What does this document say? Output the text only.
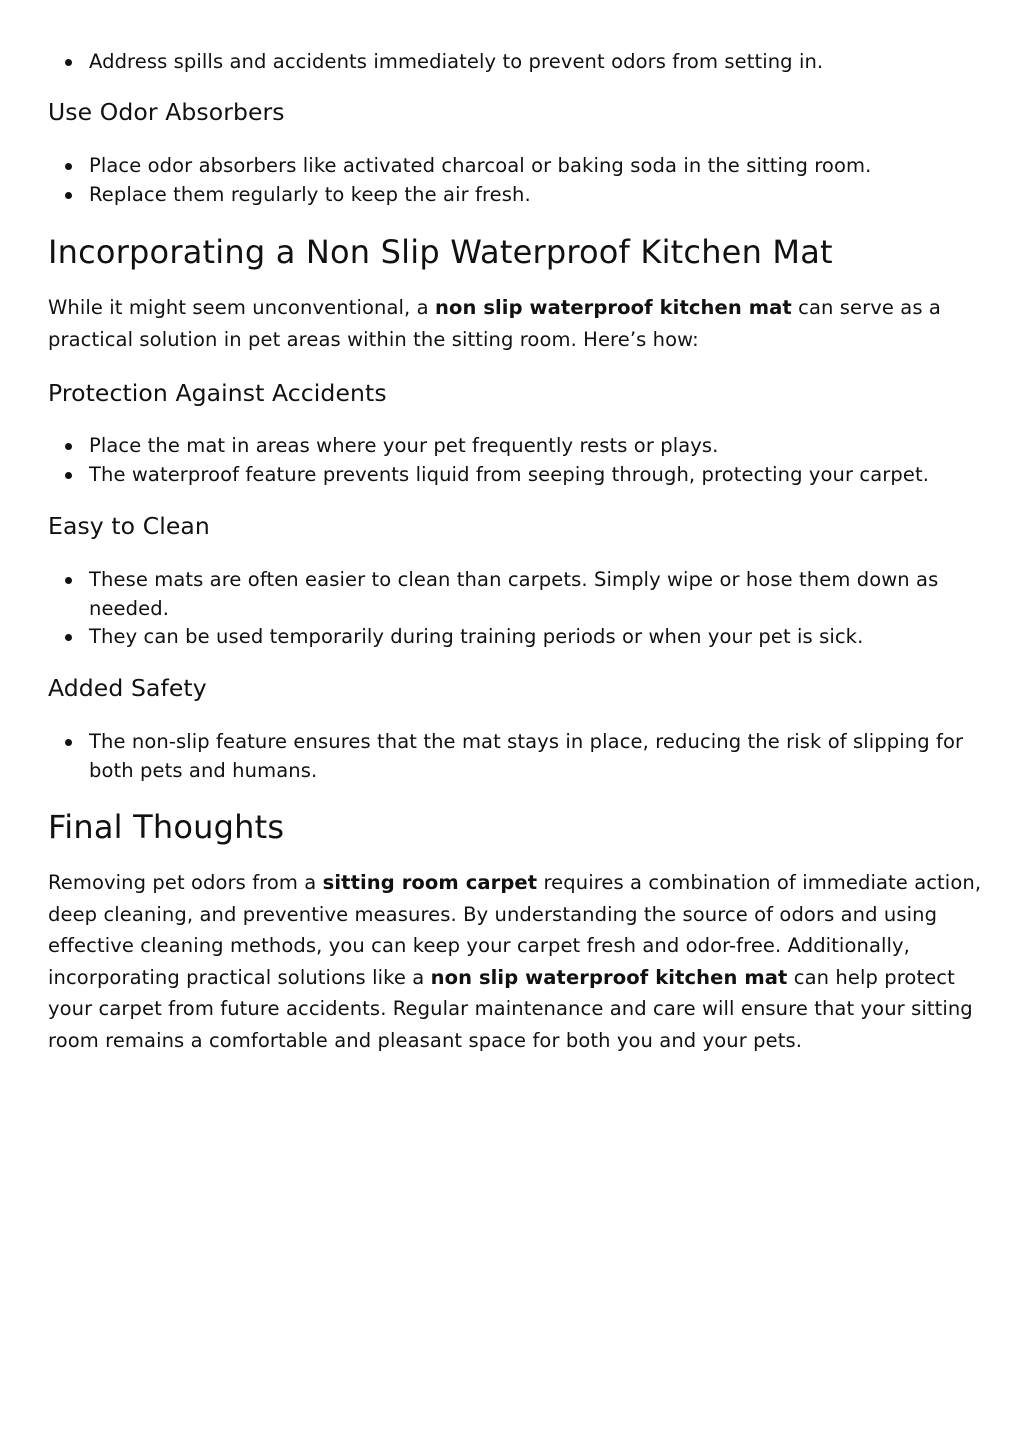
Address spills and accidents immediately to prevent odors from setting in.
Use Odor Absorbers
Place odor absorbers like activated charcoal or baking soda in the sitting room.
Replace them regularly to keep the air fresh.
Incorporating a Non Slip Waterproof Kitchen Mat

While it might seem unconventional, a non slip waterproof kitchen mat can serve as a practical solution in pet areas within the sitting room. Here’s how:

Protection Against Accidents
Place the mat in areas where your pet frequently rests or plays.
The waterproof feature prevents liquid from seeping through, protecting your carpet.
Easy to Clean
These mats are often easier to clean than carpets. Simply wipe or hose them down as needed.
They can be used temporarily during training periods or when your pet is sick.
Added Safety
The non-slip feature ensures that the mat stays in place, reducing the risk of slipping for both pets and humans.
Final Thoughts

Removing pet odors from a sitting room carpet requires a combination of immediate action, deep cleaning, and preventive measures. By understanding the source of odors and using effective cleaning methods, you can keep your carpet fresh and odor-free. Additionally, incorporating practical solutions like a non slip waterproof kitchen mat can help protect your carpet from future accidents. Regular maintenance and care will ensure that your sitting room remains a comfortable and pleasant space for both you and your pets.
